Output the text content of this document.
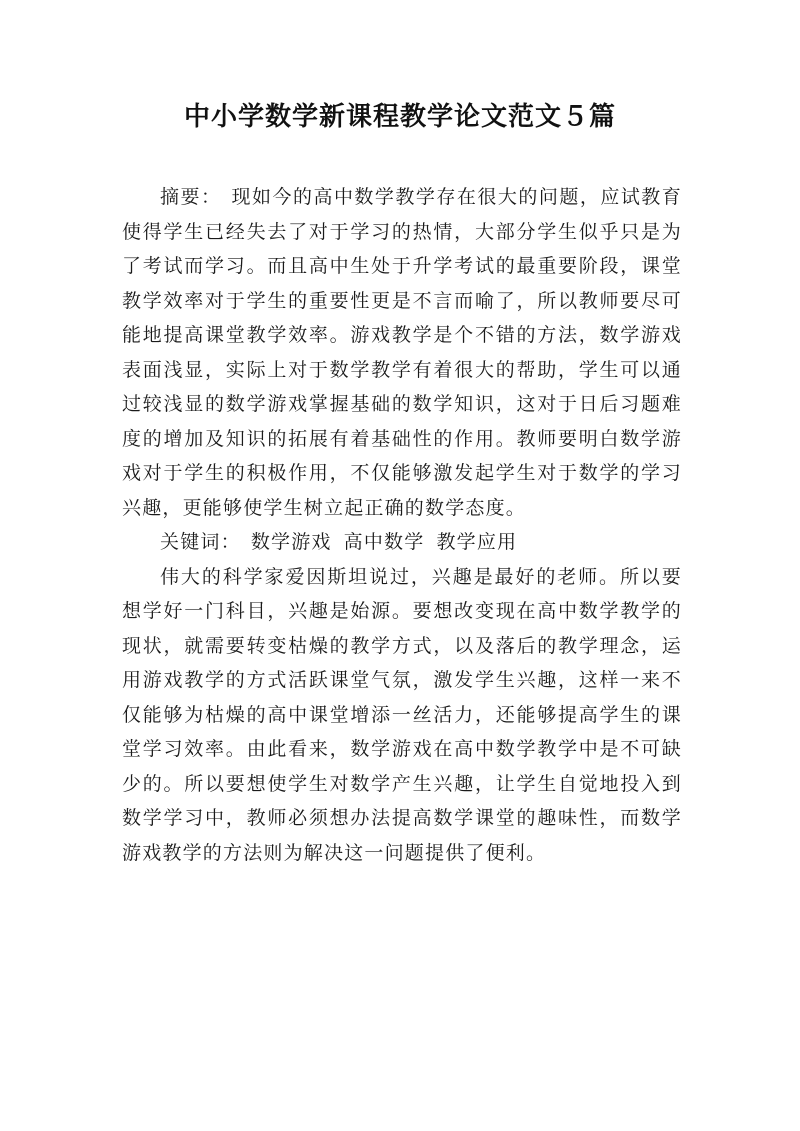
中小学数学新课程教学论文范文５篇

摘要： 现如今的高中数学教学存在很大的问题，应试教育使得学生已经失去了对于学习的热情，大部分学生似乎只是为了考试而学习。而且高中生处于升学考试的最重要阶段，课堂教学效率对于学生的重要性更是不言而喻了，所以教师要尽可能地提高课堂教学效率。游戏教学是个不错的方法，数学游戏表面浅显，实际上对于数学教学有着很大的帮助，学生可以通过较浅显的数学游戏掌握基础的数学知识，这对于日后习题难度的增加及知识的拓展有着基础性的作用。教师要明白数学游戏对于学生的积极作用，不仅能够激发起学生对于数学的学习兴趣，更能够使学生树立起正确的数学态度。

关键词： 数学游戏 高中数学 教学应用

伟大的科学家爱因斯坦说过，兴趣是最好的老师。所以要想学好一门科目，兴趣是始源。要想改变现在高中数学教学的现状，就需要转变枯燥的教学方式，以及落后的教学理念，运用游戏教学的方式活跃课堂气氛，激发学生兴趣，这样一来不仅能够为枯燥的高中课堂增添一丝活力，还能够提高学生的课堂学习效率。由此看来，数学游戏在高中数学教学中是不可缺少的。所以要想使学生对数学产生兴趣，让学生自觉地投入到数学学习中，教师必须想办法提高数学课堂的趣味性，而数学游戏教学的方法则为解决这一问题提供了便利。
